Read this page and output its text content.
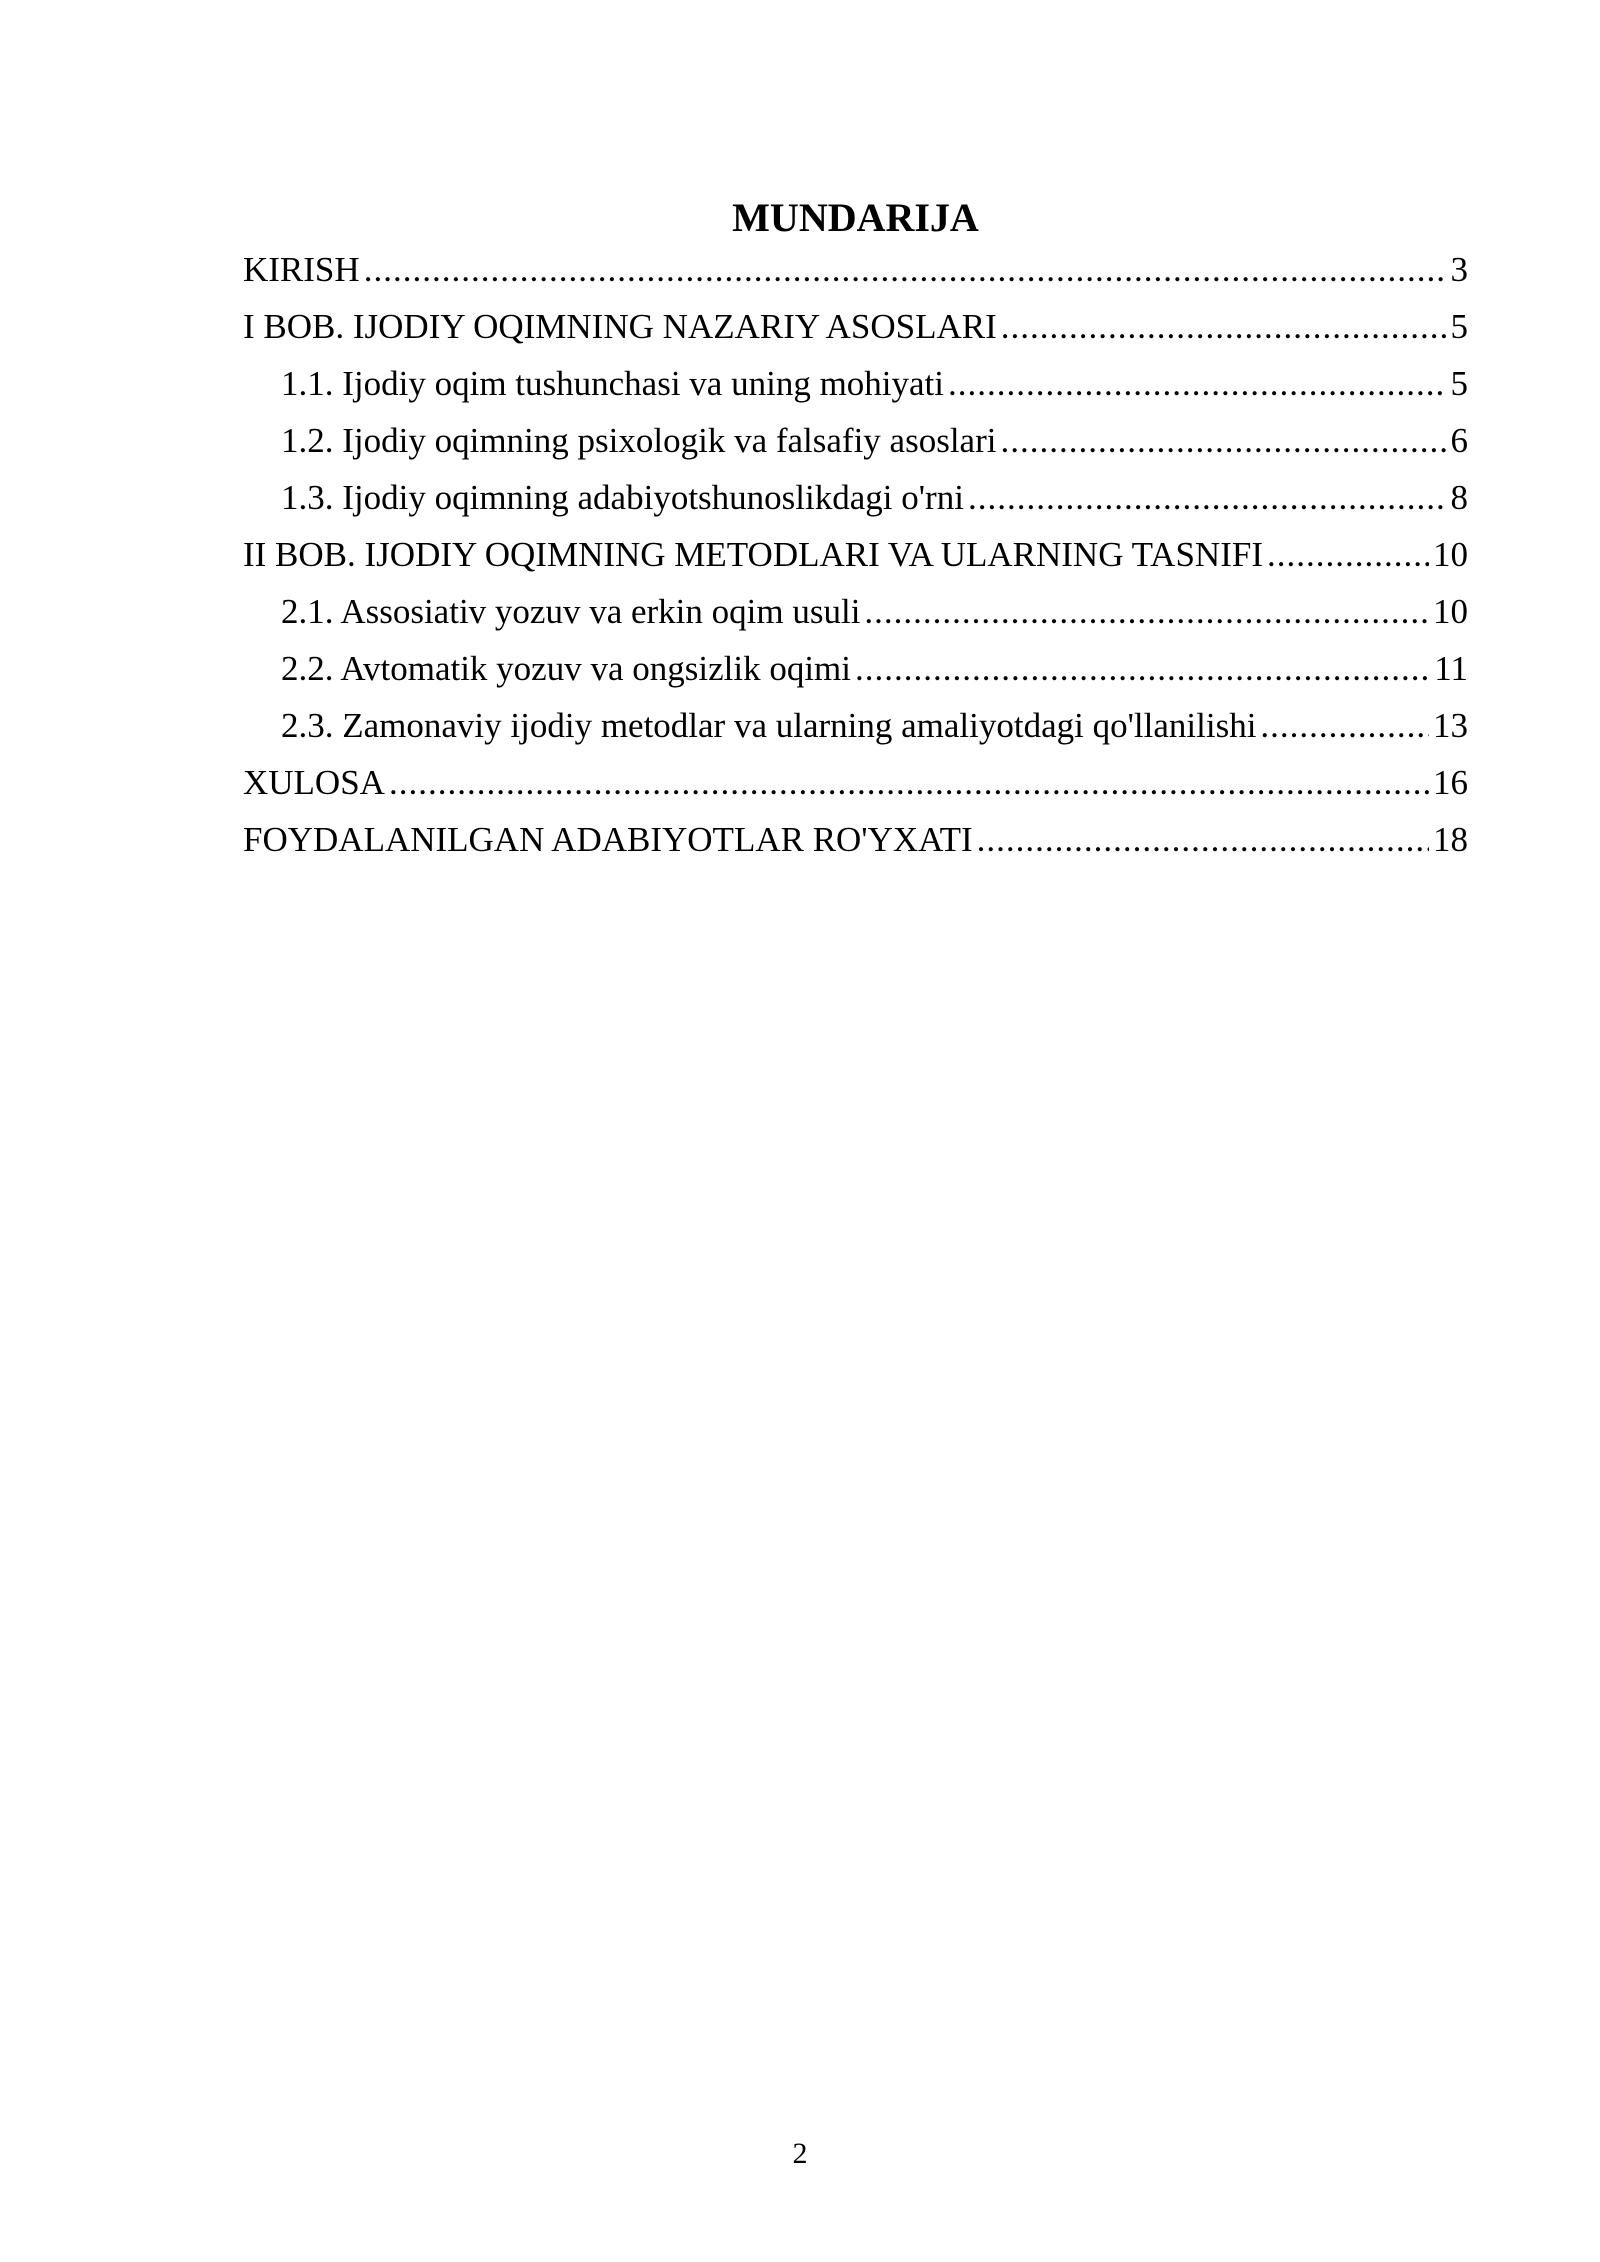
MUNDARIJA
KIRISH .....	3
I BOB. IJODIY OQIMNING NAZARIY ASOSLARI .....	5
1.1. Ijodiy oqim tushunchasi va uning mohiyati .....	5
1.2. Ijodiy oqimning psixologik va falsafiy asoslari .....	6
1.3. Ijodiy oqimning adabiyotshunoslikdagi o'rni .....	8
II BOB. IJODIY OQIMNING METODLARI VA ULARNING TASNIFI .....	10
2.1. Assosiativ yozuv va erkin oqim usuli .....	10
2.2. Avtomatik yozuv va ongsizlik oqimi .....	11
2.3. Zamonaviy ijodiy metodlar va ularning amaliyotdagi qo'llanilishi .....	13
XULOSA .....	16
FOYDALANILGAN ADABIYOTLAR RO'YXATI .....	18
2
